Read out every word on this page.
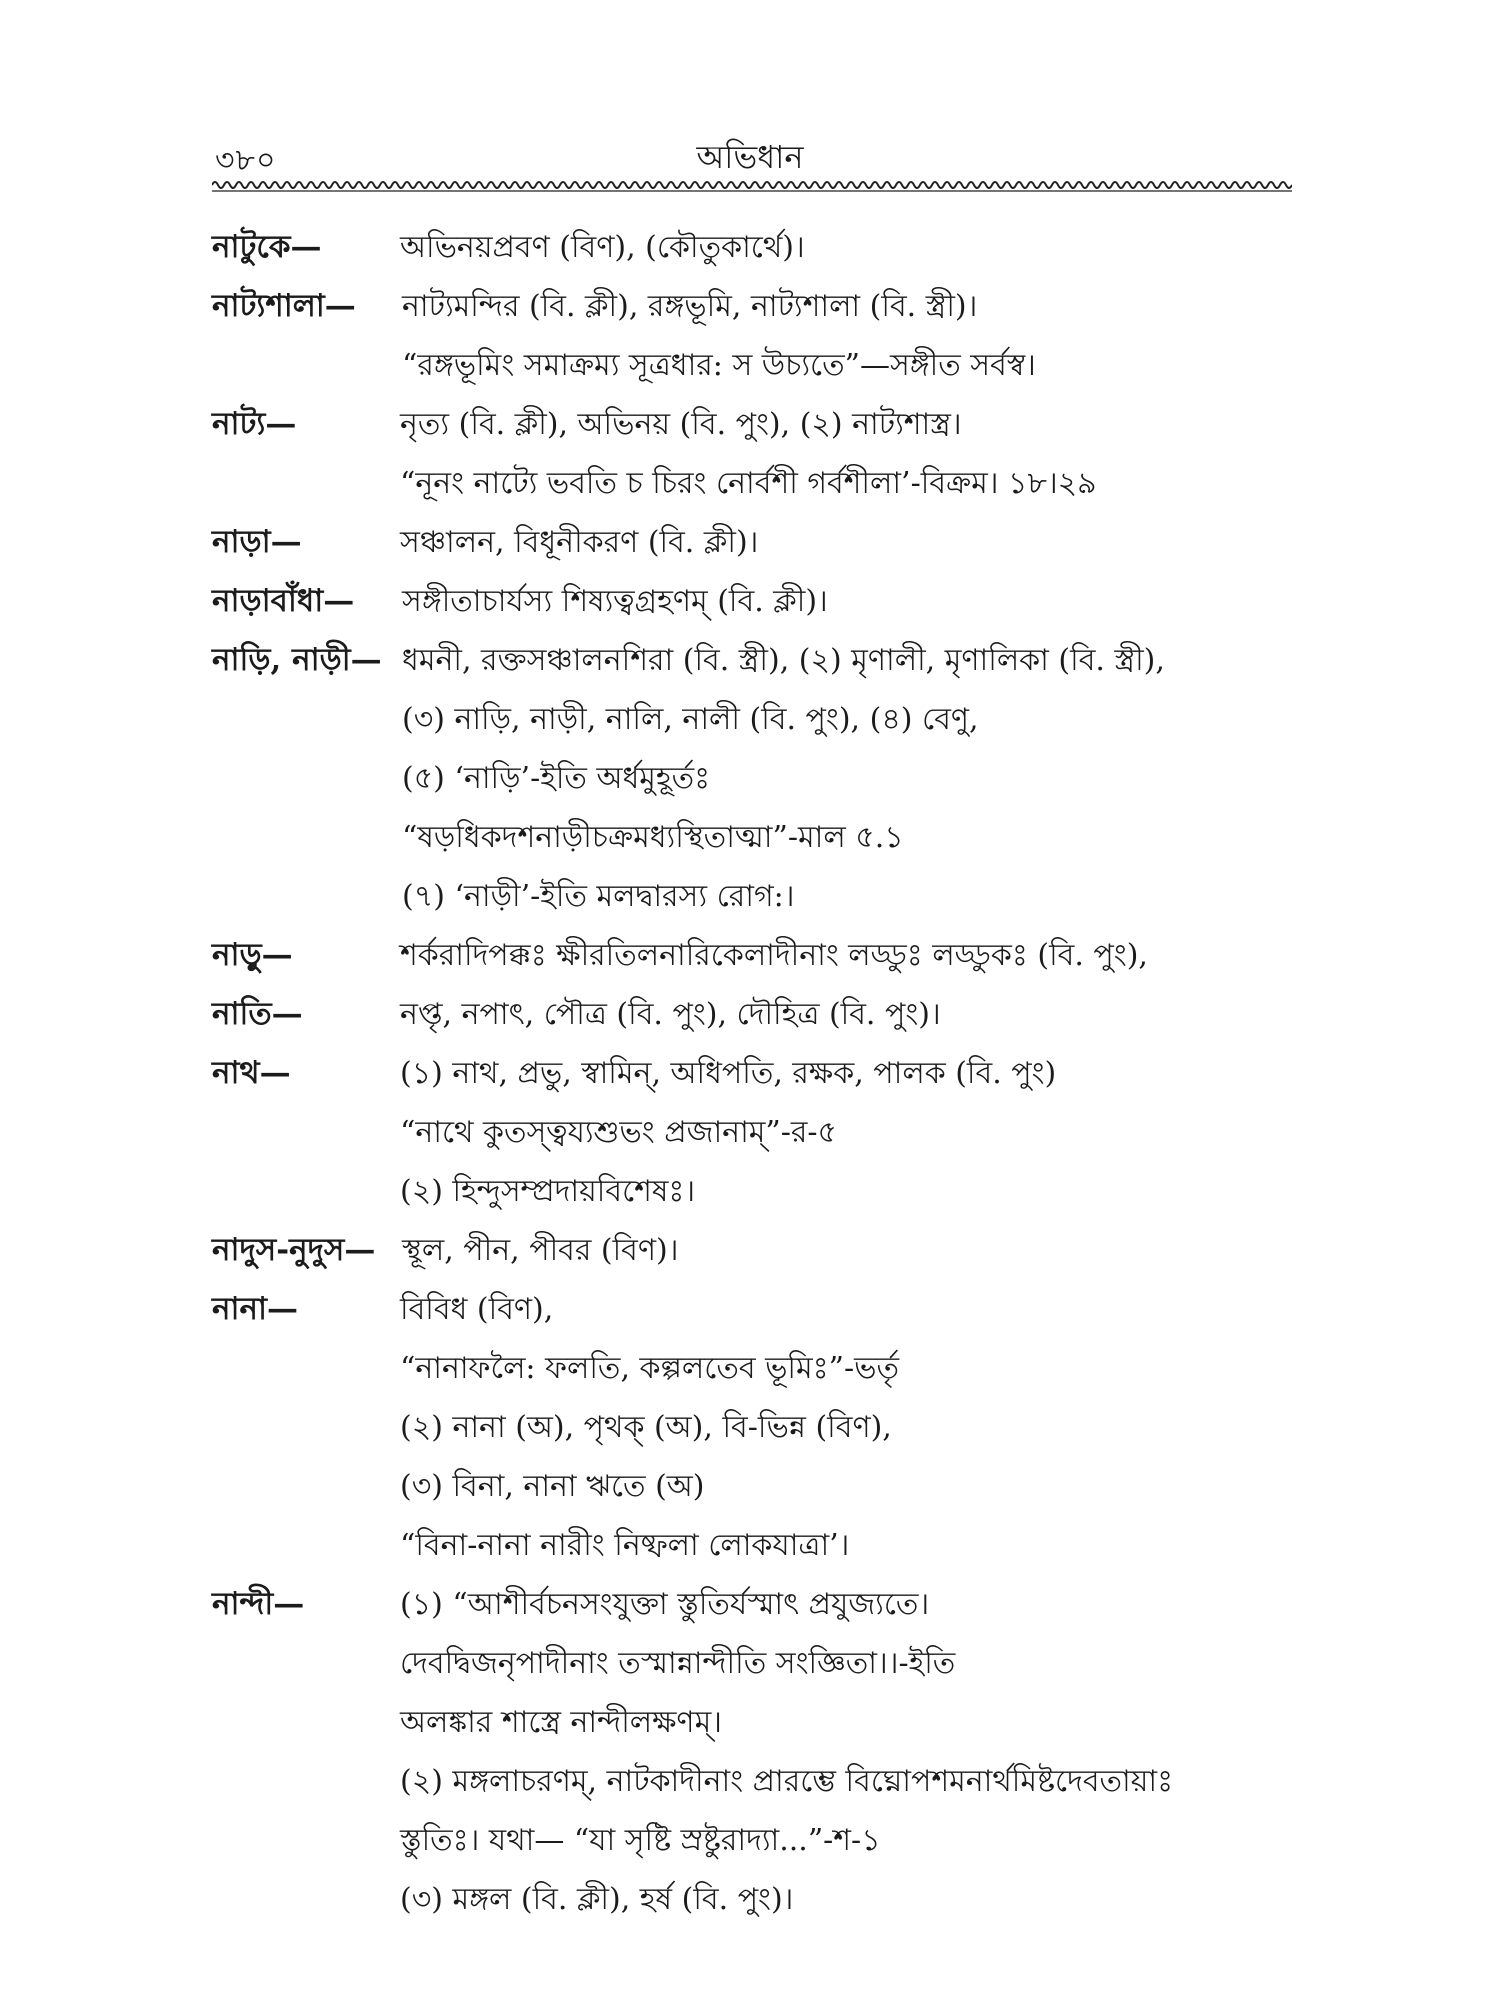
৩৮০	অভিধান
নাটুকে—	অভিনয়প্রবণ (বিণ), (কৌতুকার্থে)।
নাট্যশালা—	নাট্যমন্দির (বি. ক্লী), রঙ্গভূমি, নাট্যশালা (বি. স্ত্রী)।
“রঙ্গভূমিং সমাক্রম্য সূত্রধার: স উচ্যতে”—সঙ্গীত সর্বস্ব।
নাট্য—	নৃত্য (বি. ক্লী), অভিনয় (বি. পুং), (২) নাট্যশাস্ত্র।
“নূনং নাট্যে ভবতি চ চিরং নোর্বশী গর্বশীলা’-বিক্রম। ১৮।২৯
নাড়া—	সঞ্চালন, বিধূনীকরণ (বি. ক্লী)।
নাড়াবাঁধা—	সঙ্গীতাচার্যস্য শিষ্যত্বগ্রহণম্ (বি. ক্লী)।
নাড়ি, নাড়ী— ধমনী, রক্তসঞ্চালনশিরা (বি. স্ত্রী), (২) মৃণালী, মৃণালিকা (বি. স্ত্রী),
(৩) নাড়ি, নাড়ী, নালি, নালী (বি. পুং), (৪) বেণু,
(৫) ‘নাড়ি’-ইতি অর্ধমুহূর্তঃ
“ষড়ধিকদশনাড়ীচক্রমধ্যস্থিতাত্মা”-মাল ৫.১
(৭) ‘নাড়ী’-ইতি মলদ্বারস্য রোগ:।
নাড়ু—	শর্করাদিপক্কঃ ক্ষীরতিলনারিকেলাদীনাং লড্ডুঃ লড্ডুকঃ (বি. পুং),
নাতি—	নপ্তৃ, নপাৎ, পৌত্র (বি. পুং), দৌহিত্র (বি. পুং)।
নাথ—	(১) নাথ, প্রভু, স্বামিন্, অধিপতি, রক্ষক, পালক (বি. পুং)
“নাথে কুতস্ত্বয্যশুভং প্রজানাম্”-র-৫
(২) হিন্দুসম্প্রদায়বিশেষঃ।
নাদুস-নুদুস— স্থূল, পীন, পীবর (বিণ)।
নানা—	বিবিধ (বিণ),
“নানাফলৈ: ফলতি, কল্পলতেব ভূমিঃ”-ভর্তৃ
(২) নানা (অ), পৃথক্ (অ), বি-ভিন্ন (বিণ),
(৩) বিনা, নানা ঋতে (অ)
“বিনা-নানা নারীং নিষ্ফলা লোকযাত্রা’।
নান্দী—	(১) “আশীর্বচনসংযুক্তা স্তুতির্যস্মাৎ প্রযুজ্যতে।
দেবদ্বিজনৃপাদীনাং তস্মান্নান্দীতি সংজ্ঞিতা।।-ইতি
অলঙ্কার শাস্ত্রে নান্দীলক্ষণম্।
(২) মঙ্গলাচরণম্, নাটকাদীনাং প্রারম্ভে বিঘ্নোপশমনার্থমিষ্টদেবতায়াঃ
স্তুতিঃ। যথা— “যা সৃষ্টি স্রষ্টুরাদ্যা...”-শ-১
(৩) মঙ্গল (বি. ক্লী), হর্ষ (বি. পুং)।
